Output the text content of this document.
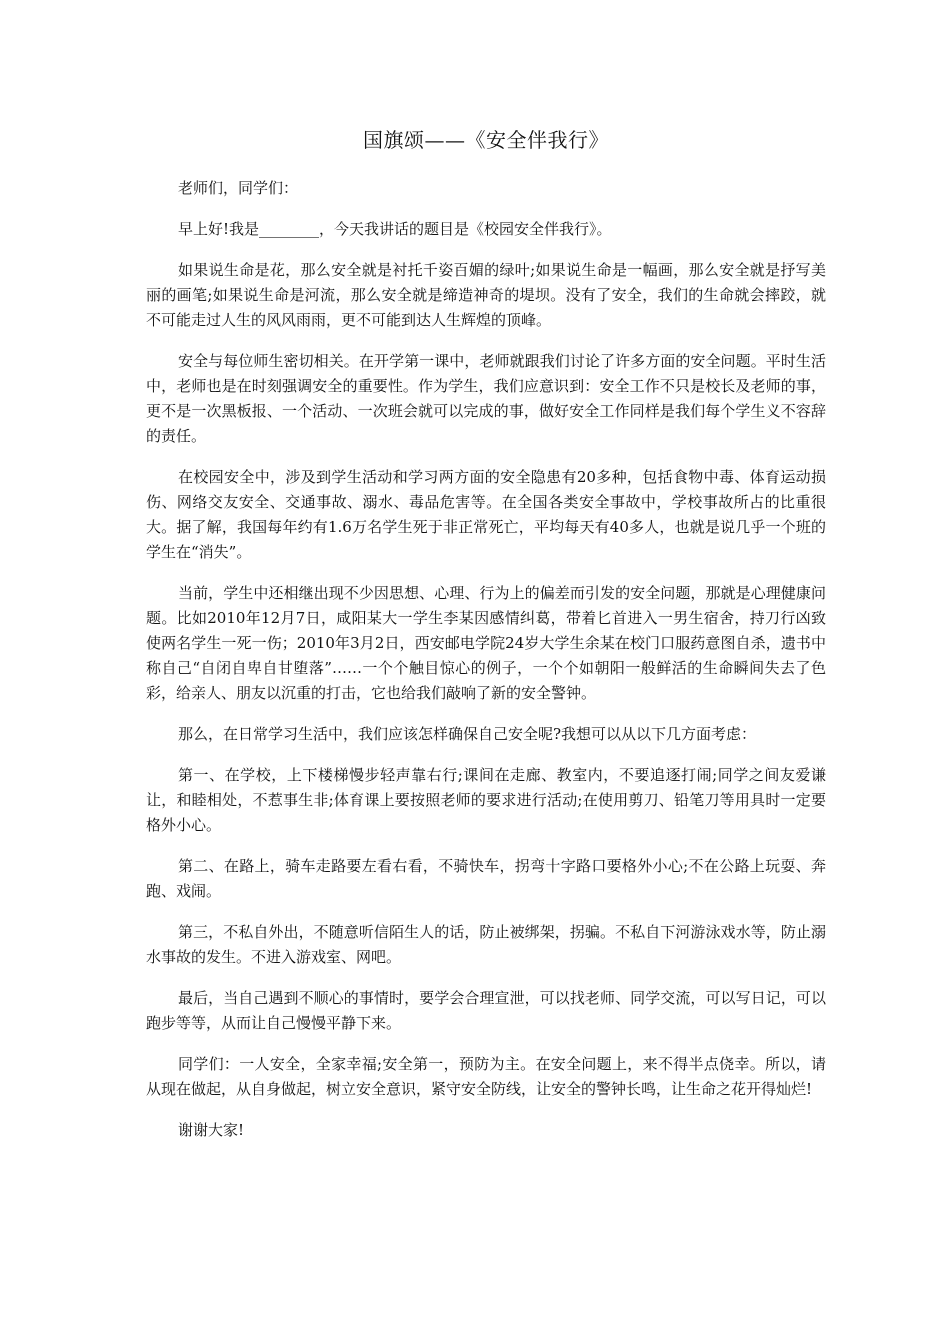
国旗颂——《安全伴我行》

老师们，同学们：

早上好!我是________，今天我讲话的题目是《校园安全伴我行》。

如果说生命是花，那么安全就是衬托千姿百媚的绿叶;如果说生命是一幅画，那么安全就是抒写美丽的画笔;如果说生命是河流，那么安全就是缔造神奇的堤坝。没有了安全，我们的生命就会摔跤，就不可能走过人生的风风雨雨，更不可能到达人生辉煌的顶峰。

安全与每位师生密切相关。在开学第一课中，老师就跟我们讨论了许多方面的安全问题。平时生活中，老师也是在时刻强调安全的重要性。作为学生，我们应意识到：安全工作不只是校长及老师的事，更不是一次黑板报、一个活动、一次班会就可以完成的事，做好安全工作同样是我们每个学生义不容辞的责任。

在校园安全中，涉及到学生活动和学习两方面的安全隐患有20多种，包括食物中毒、体育运动损伤、网络交友安全、交通事故、溺水、毒品危害等。在全国各类安全事故中，学校事故所占的比重很大。据了解，我国每年约有1.6万名学生死于非正常死亡，平均每天有40多人，也就是说几乎一个班的学生在“消失”。

当前，学生中还相继出现不少因思想、心理、行为上的偏差而引发的安全问题，那就是心理健康问题。比如2010年12月7日，咸阳某大一学生李某因感情纠葛，带着匕首进入一男生宿舍，持刀行凶致使两名学生一死一伤；2010年3月2日，西安邮电学院24岁大学生余某在校门口服药意图自杀，遗书中称自己“自闭自卑自甘堕落”……一个个触目惊心的例子，一个个如朝阳一般鲜活的生命瞬间失去了色彩，给亲人、朋友以沉重的打击，它也给我们敲响了新的安全警钟。

那么，在日常学习生活中，我们应该怎样确保自己安全呢?我想可以从以下几方面考虑：

第一、在学校，上下楼梯慢步轻声靠右行;课间在走廊、教室内，不要追逐打闹;同学之间友爱谦让，和睦相处，不惹事生非;体育课上要按照老师的要求进行活动;在使用剪刀、铅笔刀等用具时一定要格外小心。

第二、在路上，骑车走路要左看右看，不骑快车，拐弯十字路口要格外小心;不在公路上玩耍、奔跑、戏闹。

第三，不私自外出，不随意听信陌生人的话，防止被绑架，拐骗。不私自下河游泳戏水等，防止溺水事故的发生。不进入游戏室、网吧。

最后，当自己遇到不顺心的事情时，要学会合理宣泄，可以找老师、同学交流，可以写日记，可以跑步等等，从而让自己慢慢平静下来。

同学们：一人安全，全家幸福;安全第一，预防为主。在安全问题上，来不得半点侥幸。所以，请从现在做起，从自身做起，树立安全意识，紧守安全防线，让安全的警钟长鸣，让生命之花开得灿烂!

谢谢大家!
